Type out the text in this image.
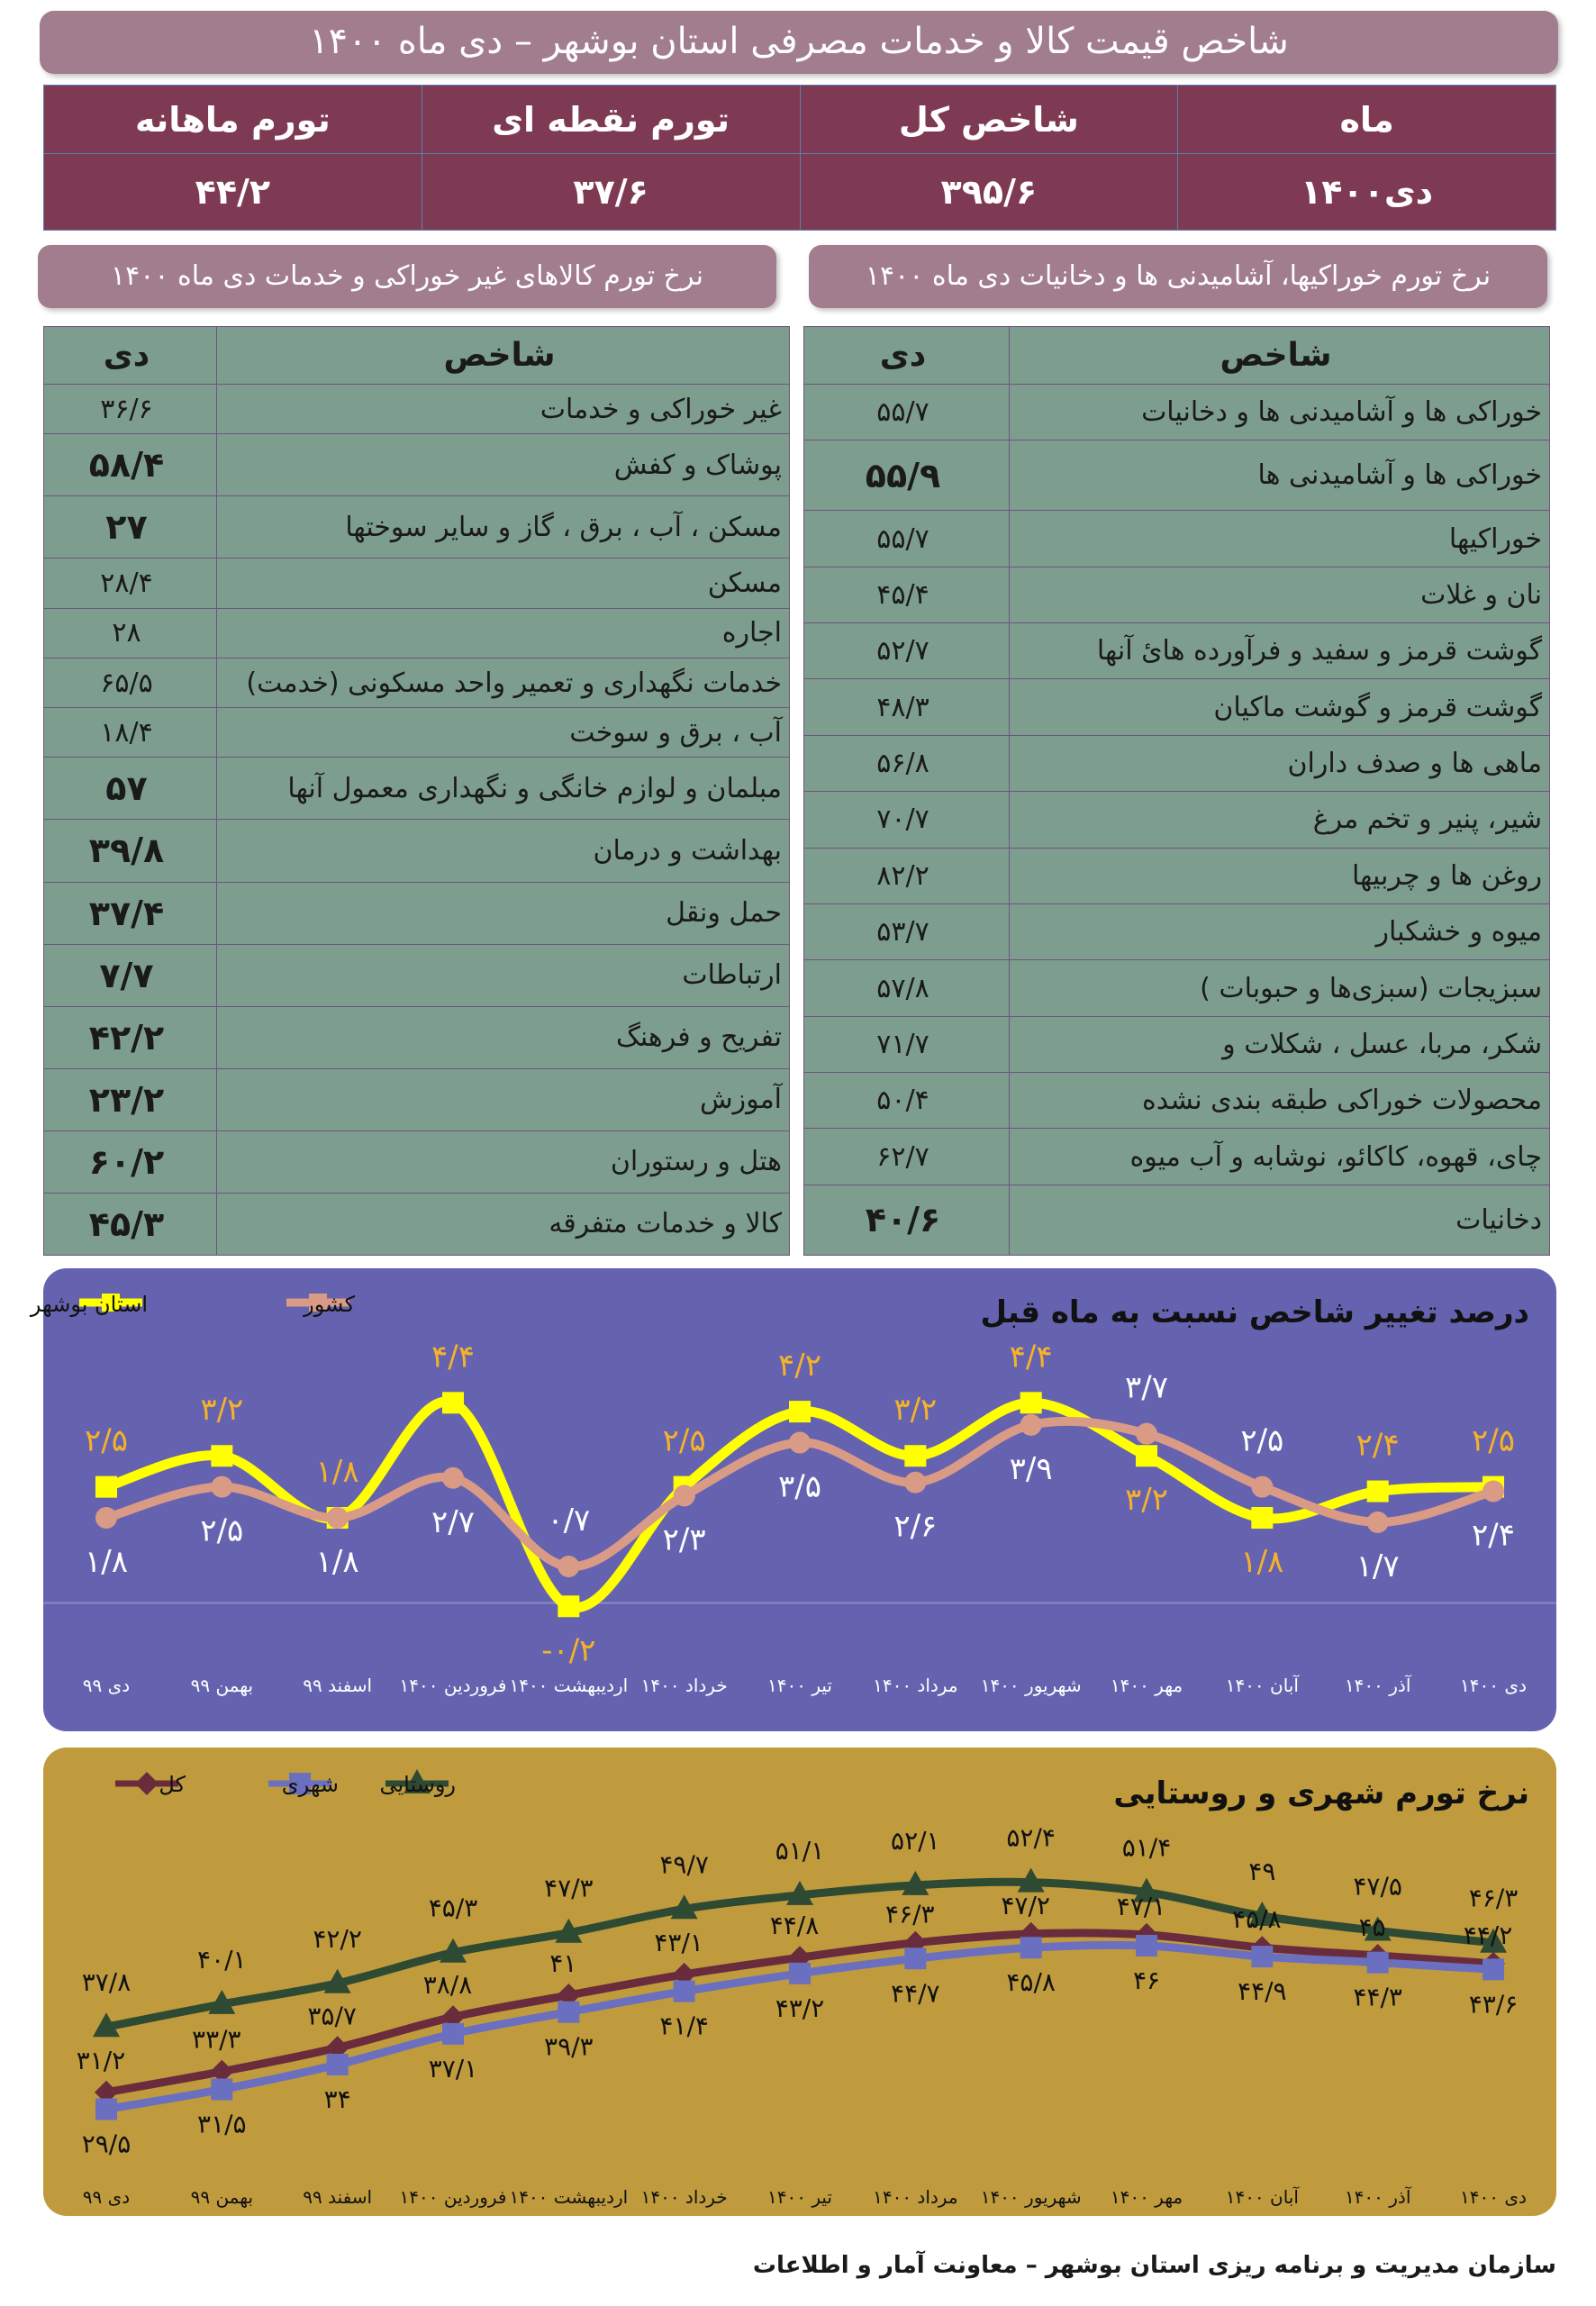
شاخص قیمت کالا و خدمات مصرفی استان بوشهر – دی ماه ۱۴۰۰
ماه	شاخص کل	تورم نقطه ای	تورم ماهانه
دی۱۴۰۰	۳۹۵/۶	۳۷/۶	۴۴/۲
نرخ تورم خوراکیها، آشامیدنی ها و دخانیات دی ماه ۱۴۰۰
نرخ تورم کالاهای غیر خوراکی و خدمات دی ماه ۱۴۰۰
شاخص	دی
خوراکی ها و آشامیدنی ها و دخانیات	۵۵/۷
خوراکی ها و آشامیدنی ها	۵۵/۹
خوراکیها	۵۵/۷
نان و غلات	۴۵/۴
گوشت قرمز و سفید و فرآورده هائ آنها	۵۲/۷
گوشت قرمز و گوشت ماکیان	۴۸/۳
ماهی ها و صدف داران	۵۶/۸
شیر، پنیر و تخم مرغ	۷۰/۷
روغن ها و چربیها	۸۲/۲
میوه و خشکبار	۵۳/۷
سبزیجات (سبزی‌ها و حبوبات )	۵۷/۸
شکر، مربا، عسل ، شکلات و	۷۱/۷
محصولات خوراکی طبقه بندی نشده	۵۰/۴
چای، قهوه، کاکائو، نوشابه و آب میوه	۶۲/۷
دخانیات	۴۰/۶
شاخص	دی
غیر خوراکی و خدمات	۳۶/۶
پوشاک و کفش	۵۸/۴
مسکن ، آب ، برق ، گاز و سایر سوختها	۲۷
مسکن	۲۸/۴
اجاره	۲۸
خدمات نگهداری و تعمیر واحد مسکونی (خدمت)	۶۵/۵
آب ، برق و سوخت	۱۸/۴
مبلمان و لوازم خانگی و نگهداری معمول آنها	۵۷
بهداشت و درمان	۳۹/۸
حمل ونقل	۳۷/۴
ارتباطات	۷/۷
تفریح و فرهنگ	۴۲/۲
آموزش	۲۳/۲
هتل و رستوران	۶۰/۲
کالا و خدمات متفرقه	۴۵/۳
درصد تغییر شاخص نسبت به ماه قبل
استان بوشهر	کشور
۲/۵
۱/۸
۳/۲
۲/۵
۱/۸
۱/۸
۴/۴
۲/۷
۰/۲-
۰/۷
۲/۵
۲/۳
۴/۲
۳/۵
۳/۲
۲/۶
۴/۴
۳/۹
۳/۲
۳/۷
۱/۸
۲/۵ ۲/۴
۱/۷
۲/۵
۲/۴
دی ۹۹	بهمن ۹۹	اسفند ۹۹ فروردین ۱۴۰۰ اردیبهشت ۱۴۰۰ خرداد ۱۴۰۰ تیر ۱۴۰۰ مرداد ۱۴۰۰ شهریور ۱۴۰۰ مهر ۱۴۰۰ آبان ۱۴۰۰	آذر ۱۴۰۰	دی ۱۴۰۰
نرخ تورم شهری و روستایی
کل	شهری روستایی
۳۷/۸
۴۰/۱
۴۲/۲
۴۵/۳
۴۷/۳
۴۹/۷	۵۱/۱	۵۲/۱	۵۲/۴	۵۱/۴
۴۹	۴۷/۵	۴۶/۳
۳۱/۲
۳۳/۳
۳۵/۷
۳۸/۸
۴۱
۴۳/۱
۴۴/۸	۴۶/۳	۴۷/۲	۴۷/۱	۴۵/۸	۴۵	۴۴/۲
۲۹/۵
۳۱/۵
۳۴
۳۷/۱
۳۹/۳
۴۱/۴
۴۳/۲	۴۴/۷	۴۵/۸	۴۶	۴۴/۹	۴۴/۳	۴۳/۶
دی ۹۹	بهمن ۹۹	اسفند ۹۹ فروردین ۱۴۰۰ اردیبهشت ۱۴۰۰ خرداد ۱۴۰۰ تیر ۱۴۰۰ مرداد ۱۴۰۰ شهریور ۱۴۰۰ مهر ۱۴۰۰ آبان ۱۴۰۰	آذر ۱۴۰۰	دی ۱۴۰۰
سازمان مدیریت و برنامه ریزی استان بوشهر – معاونت آمار و اطلاعات
